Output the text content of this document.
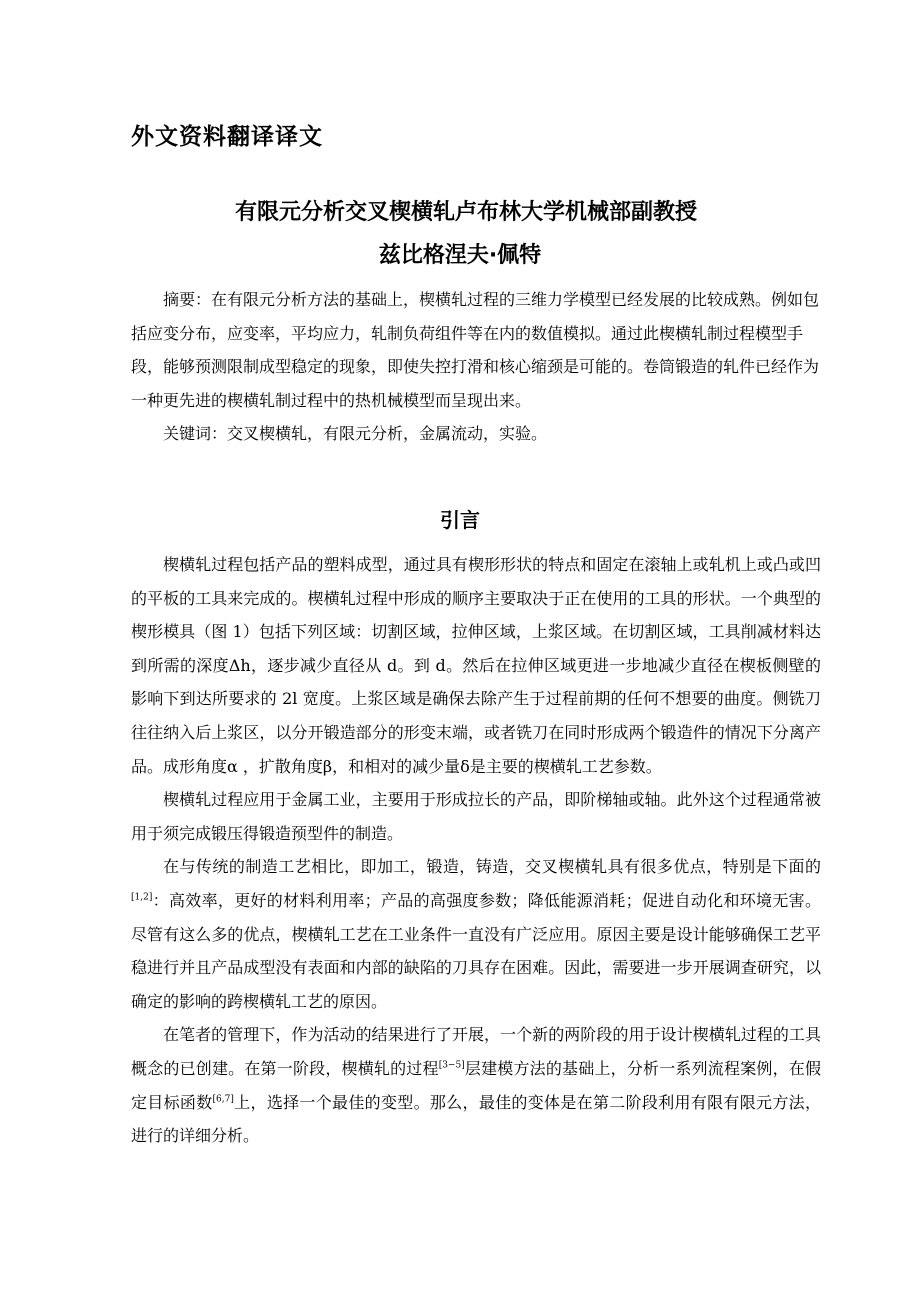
外文资料翻译译文
有限元分析交叉楔横轧卢布林大学机械部副教授
兹比格涅夫·佩特

摘要：在有限元分析方法的基础上，楔横轧过程的三维力学模型已经发展的比较成熟。例如包括应变分布，应变率，平均应力，轧制负荷组件等在内的数值模拟。通过此楔横轧制过程模型手段，能够预测限制成型稳定的现象，即使失控打滑和核心缩颈是可能的。卷筒锻造的轧件已经作为一种更先进的楔横轧制过程中的热机械模型而呈现出来。

关键词：交叉楔横轧，有限元分析，金属流动，实验。

引言

楔横轧过程包括产品的塑料成型，通过具有楔形形状的特点和固定在滚轴上或轧机上或凸或凹的平板的工具来完成的。楔横轧过程中形成的顺序主要取决于正在使用的工具的形状。一个典型的楔形模具（图 1）包括下列区域：切割区域，拉伸区域，上浆区域。在切割区域，工具削减材料达到所需的深度Δh，逐步减少直径从 d。到 d。然后在拉伸区域更进一步地减少直径在楔板侧壁的影响下到达所要求的 2l 宽度。上浆区域是确保去除产生于过程前期的任何不想要的曲度。侧铣刀往往纳入后上浆区，以分开锻造部分的形变末端，或者铣刀在同时形成两个锻造件的情况下分离产品。成形角度α ，扩散角度β，和相对的减少量δ是主要的楔横轧工艺参数。

楔横轧过程应用于金属工业，主要用于形成拉长的产品，即阶梯轴或轴。此外这个过程通常被用于须完成锻压得锻造预型件的制造。

在与传统的制造工艺相比，即加工，锻造，铸造，交叉楔横轧具有很多优点，特别是下面的[1,2]：高效率，更好的材料利用率；产品的高强度参数；降低能源消耗；促进自动化和环境无害。尽管有这么多的优点，楔横轧工艺在工业条件一直没有广泛应用。原因主要是设计能够确保工艺平稳进行并且产品成型没有表面和内部的缺陷的刀具存在困难。因此，需要进一步开展调查研究，以确定的影响的跨楔横轧工艺的原因。

在笔者的管理下，作为活动的结果进行了开展，一个新的两阶段的用于设计楔横轧过程的工具概念的已创建。在第一阶段，楔横轧的过程[3−5]层建模方法的基础上，分析一系列流程案例，在假定目标函数[6,7]上，选择一个最佳的变型。那么，最佳的变体是在第二阶段利用有限有限元方法，进行的详细分析。
